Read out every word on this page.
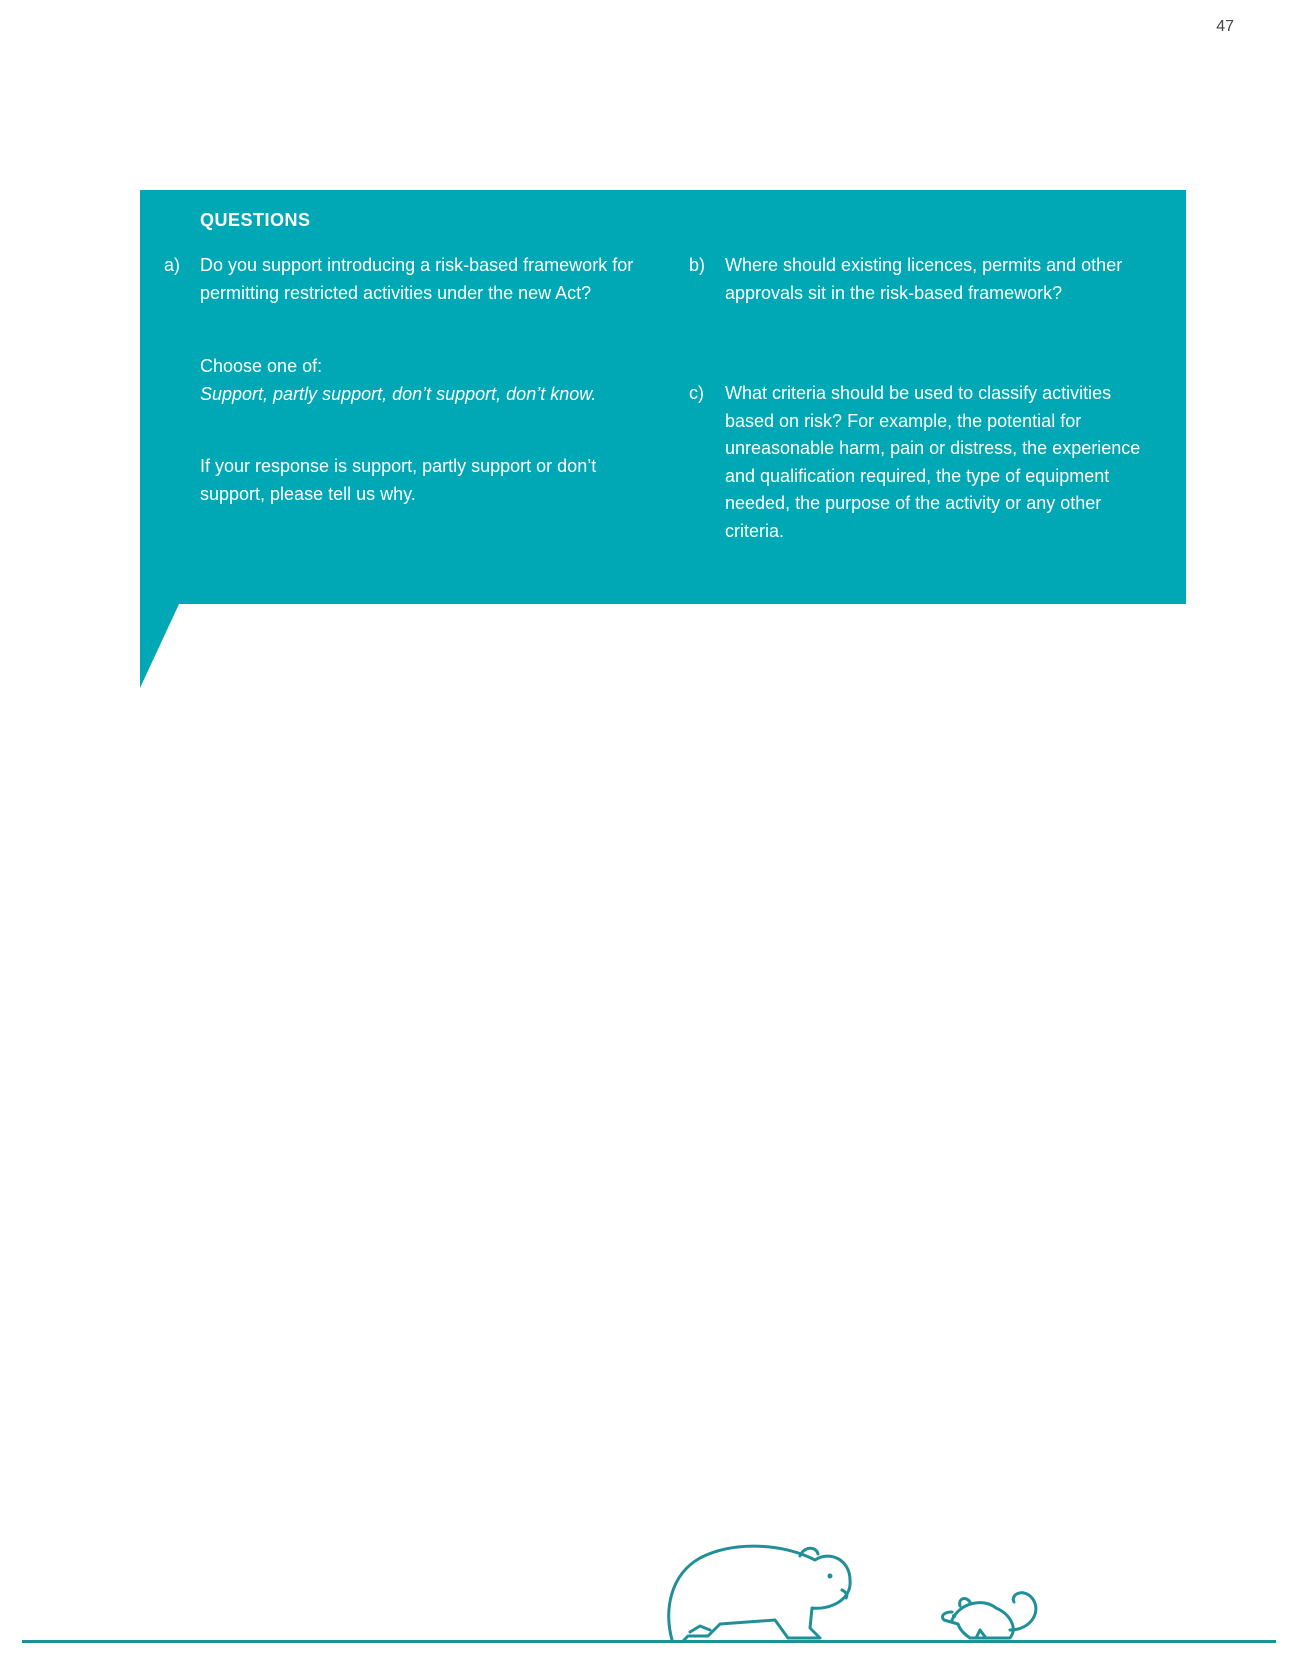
47
QUESTIONS
a) Do you support introducing a risk-based framework for permitting restricted activities under the new Act?
Choose one of:
Support, partly support, don’t support, don’t know.
If your response is support, partly support or don’t support, please tell us why.
b) Where should existing licences, permits and other approvals sit in the risk-based framework?
c) What criteria should be used to classify activities based on risk? For example, the potential for unreasonable harm, pain or distress, the experience and qualification required, the type of equipment needed, the purpose of the activity or any other criteria.
